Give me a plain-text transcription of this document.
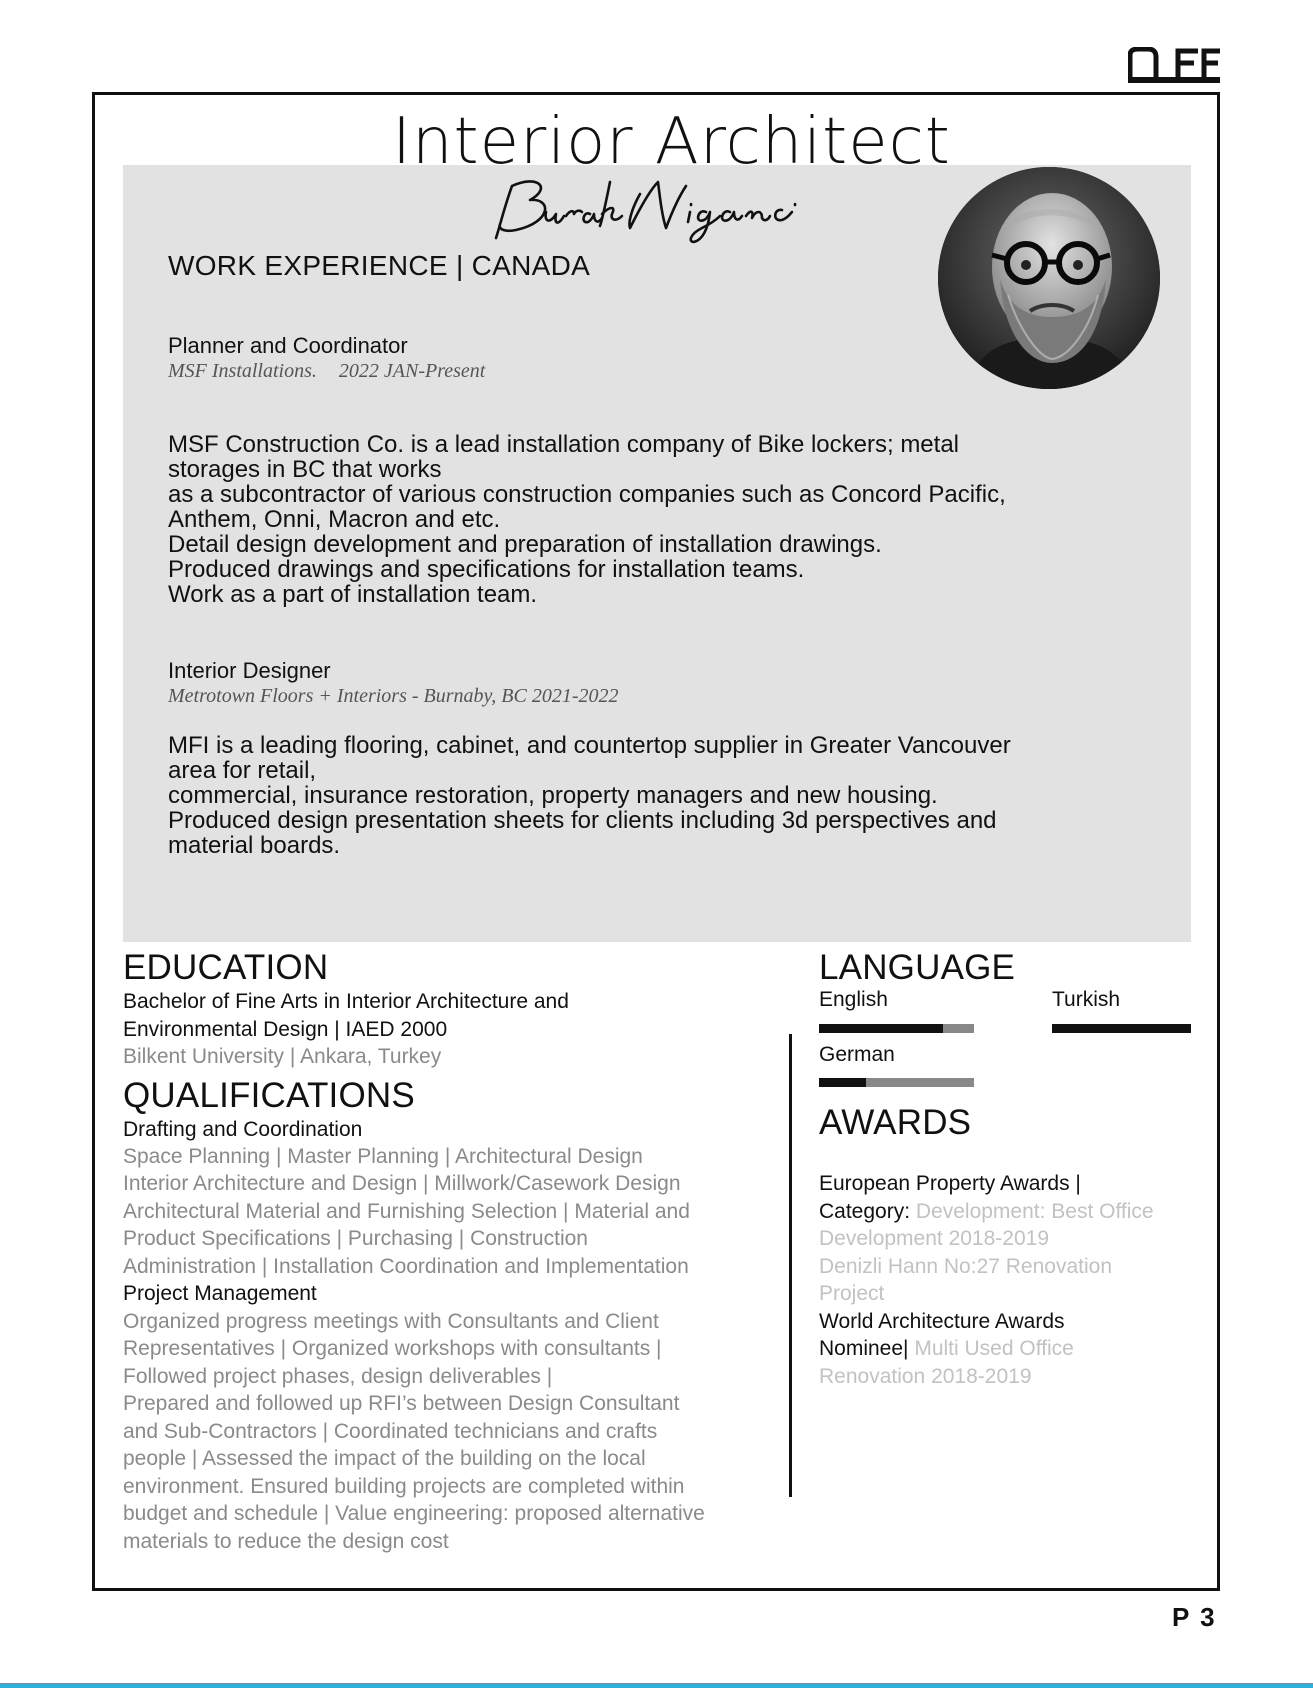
Interior Architect
WORK EXPERIENCE | CANADA
Planner and Coordinator
MSF Installations. 2022 JAN-Present
MSF Construction Co. is a lead installation company of Bike lockers; metal
storages in BC that works
as a subcontractor of various construction companies such as Concord Pacific,
Anthem, Onni, Macron and etc.
Detail design development and preparation of installation drawings.
Produced drawings and specifications for installation teams.
Work as a part of installation team.
Interior Designer
Metrotown Floors + Interiors - Burnaby, BC 2021-2022
MFI is a leading flooring, cabinet, and countertop supplier in Greater Vancouver
area for retail,
commercial, insurance restoration, property managers and new housing.
Produced design presentation sheets for clients including 3d perspectives and
material boards.
EDUCATION
Bachelor of Fine Arts in Interior Architecture and
Environmental Design | IAED 2000
Bilkent University | Ankara, Turkey
QUALIFICATIONS
Drafting and Coordination
Space Planning | Master Planning | Architectural Design
Interior Architecture and Design | Millwork/Casework Design
Architectural Material and Furnishing Selection | Material and
Product Specifications | Purchasing | Construction
Administration | Installation Coordination and Implementation
Project Management
Organized progress meetings with Consultants and Client
Representatives | Organized workshops with consultants |
Followed project phases, design deliverables |
Prepared and followed up RFI’s between Design Consultant
and Sub-Contractors | Coordinated technicians and crafts
people | Assessed the impact of the building on the local
environment. Ensured building projects are completed within
budget and schedule | Value engineering: proposed alternative
materials to reduce the design cost
LANGUAGE
English	Turkish
German
AWARDS
European Property Awards |
Category: Development: Best Office
Development 2018-2019
Denizli Hann No:27 Renovation
Project
World Architecture Awards
Nominee| Multi Used Office
Renovation 2018-2019
P 3
